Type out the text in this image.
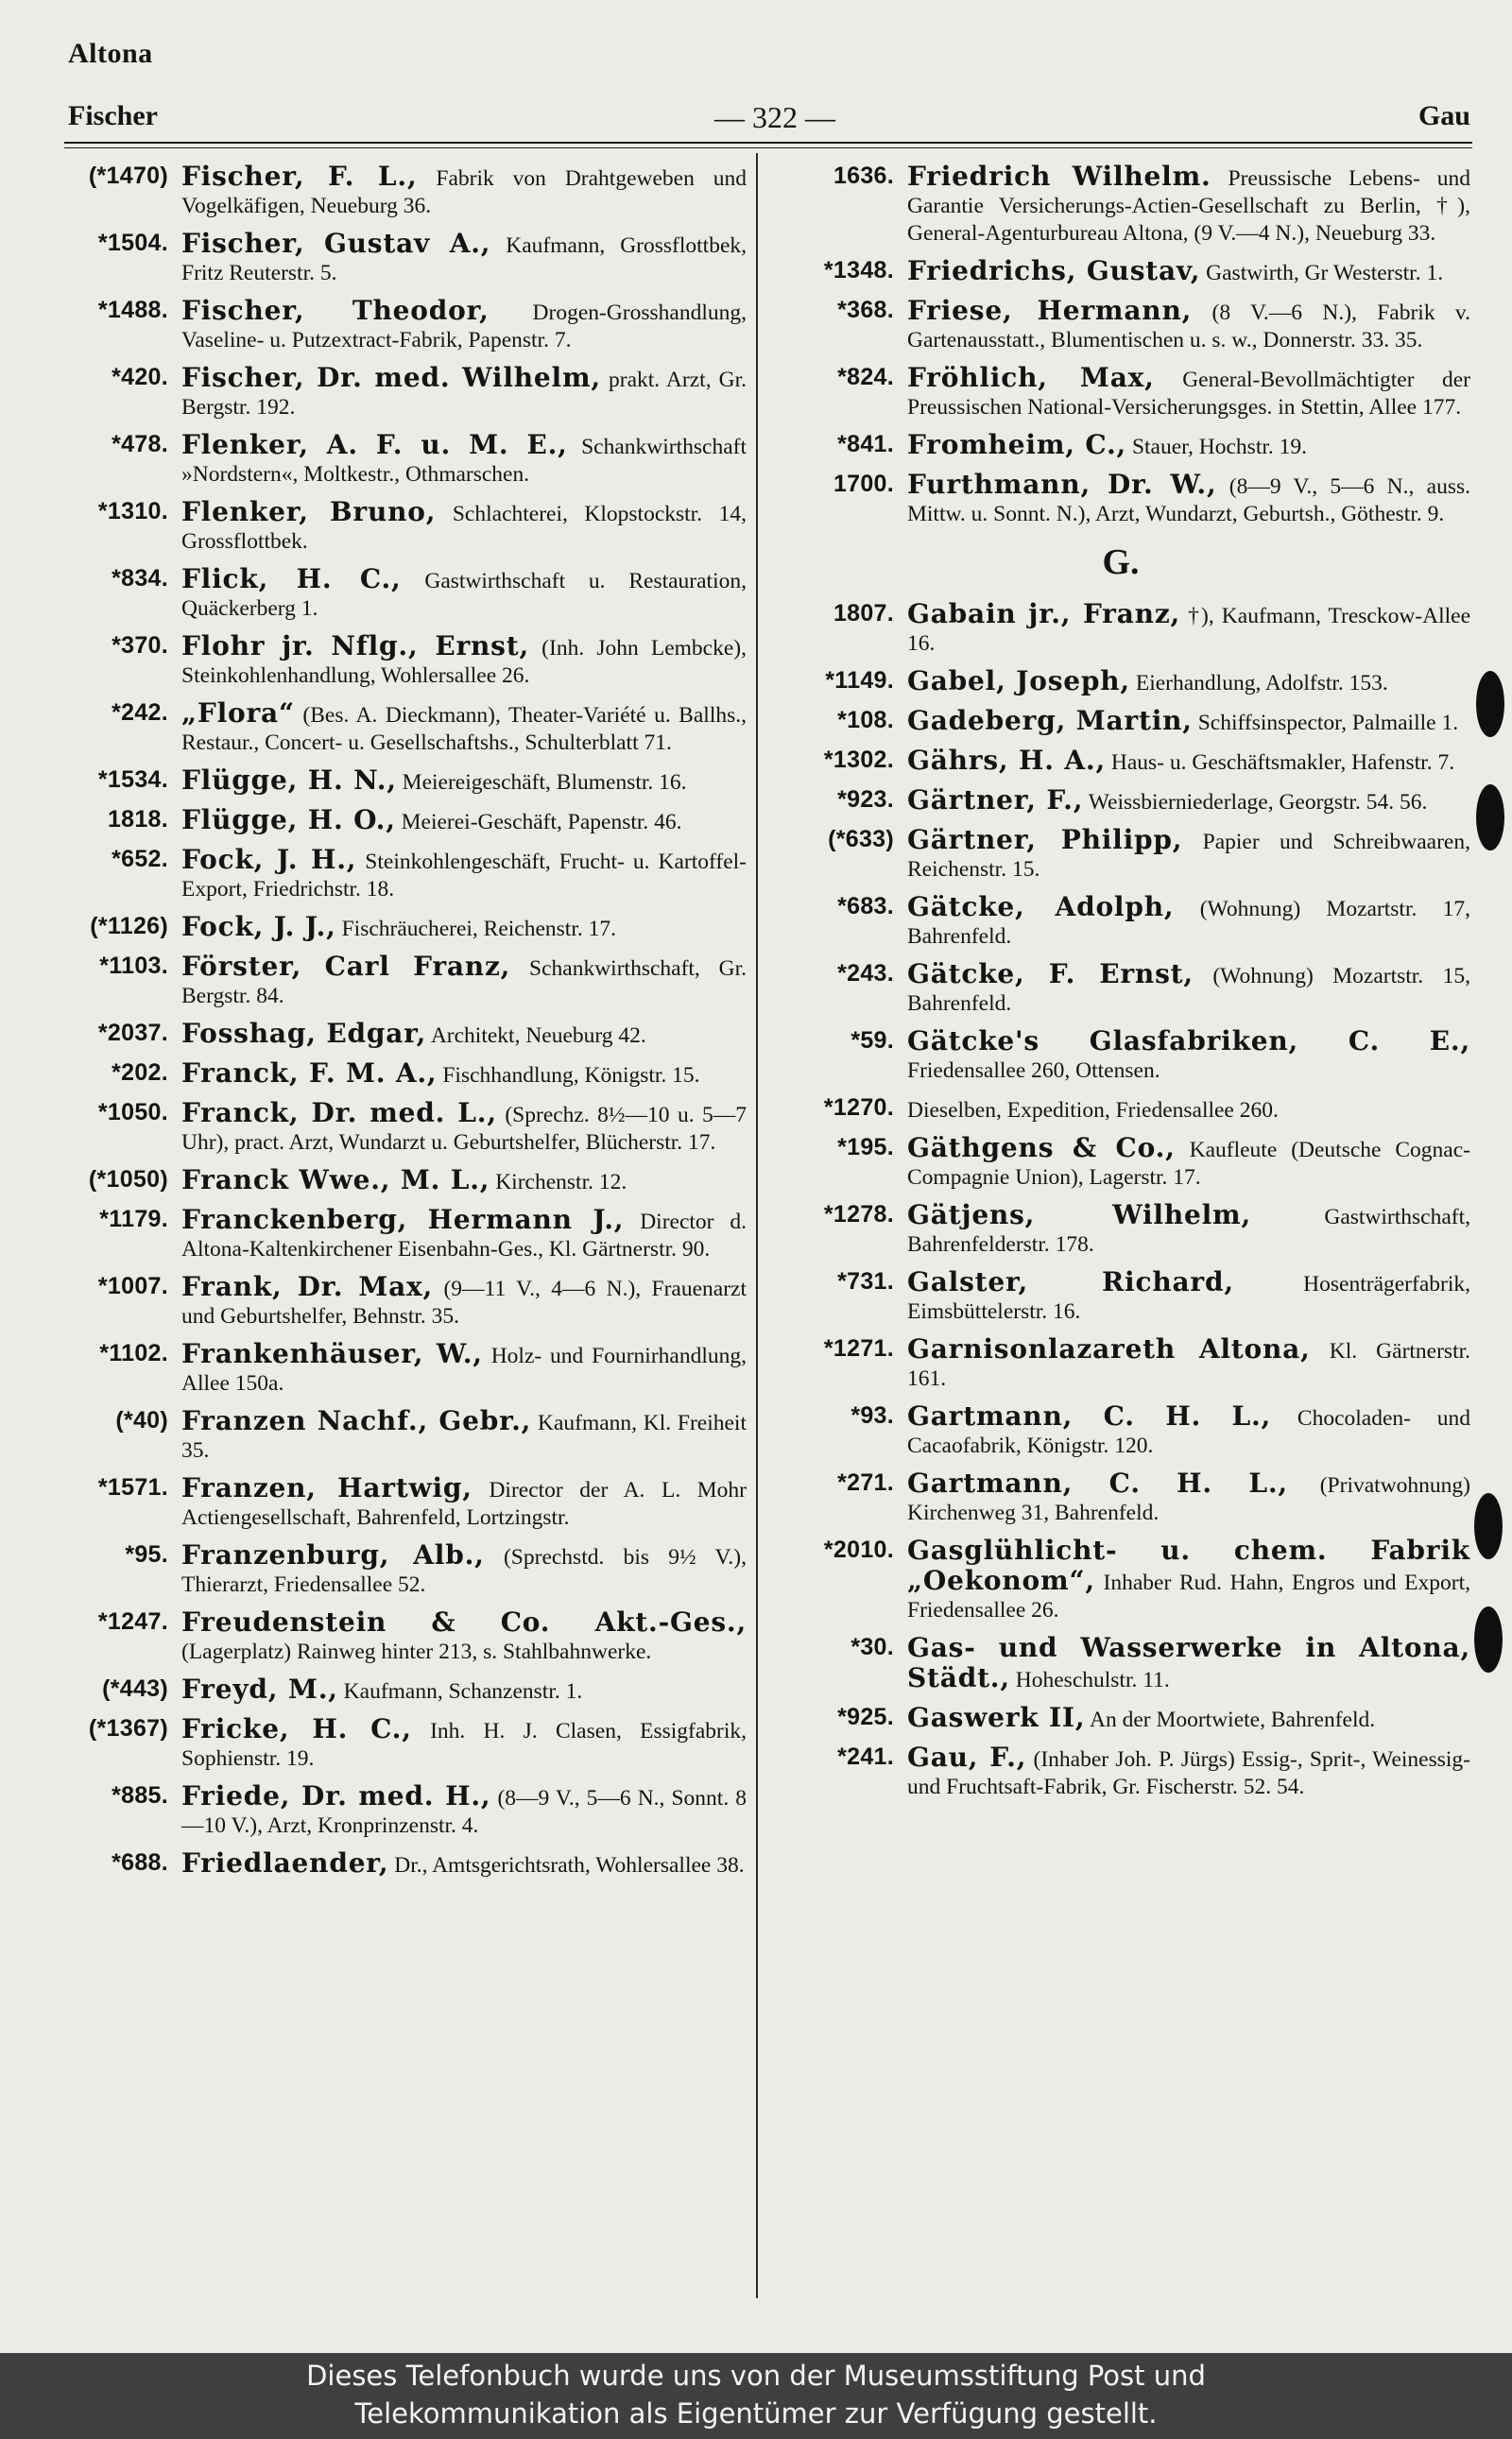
Altona
Fischer	— 322 —	Gau
(*1470) Fischer, F. L., Fabrik von Drahtgeweben und Vogelkäfigen, Neueburg 36.
*1504. Fischer, Gustav A., Kaufmann, Grossflottbek, Fritz Reuterstr. 5.
*1488. Fischer, Theodor, Drogen-Grosshandlung, Vaseline- u. Putzextract-Fabrik, Papenstr. 7.
*420. Fischer, Dr. med. Wilhelm, prakt. Arzt, Gr. Bergstr. 192.
*478. Flenker, A. F. u. M. E., Schankwirthschaft »Nordstern«, Moltkestr., Othmarschen.
*1310. Flenker, Bruno, Schlachterei, Klopstockstr. 14, Grossflottbek.
*834. Flick, H. C., Gastwirthschaft u. Restauration, Quäckerberg 1.
*370. Flohr jr. Nflg., Ernst, (Inh. John Lembcke), Steinkohlenhandlung, Wohlersallee 26.
*242. „Flora“ (Bes. A. Dieckmann), Theater-Variété u. Ballhs., Restaur., Concert- u. Gesellschaftshs., Schulterblatt 71.
*1534. Flügge, H. N., Meiereigeschäft, Blumenstr. 16.
1818. Flügge, H. O., Meierei-Geschäft, Papenstr. 46.
*652. Fock, J. H., Steinkohlengeschäft, Frucht- u. Kartoffel-Export, Friedrichstr. 18.
(*1126) Fock, J. J., Fischräucherei, Reichenstr. 17.
*1103. Förster, Carl Franz, Schankwirthschaft, Gr. Bergstr. 84.
*2037. Fosshag, Edgar, Architekt, Neueburg 42.
*202. Franck, F. M. A., Fischhandlung, Königstr. 15.
*1050. Franck, Dr. med. L., (Sprechz. 8½—10 u. 5—7 Uhr), pract. Arzt, Wundarzt u. Geburtshelfer, Blücherstr. 17.
(*1050) Franck Wwe., M. L., Kirchenstr. 12.
*1179. Franckenberg, Hermann J., Director d. Altona-Kaltenkirchener Eisenbahn-Ges., Kl. Gärtnerstr. 90.
*1007. Frank, Dr. Max, (9—11 V., 4—6 N.), Frauenarzt und Geburtshelfer, Behnstr. 35.
*1102. Frankenhäuser, W., Holz- und Fournirhandlung, Allee 150a.
(*40) Franzen Nachf., Gebr., Kaufmann, Kl. Freiheit 35.
*1571. Franzen, Hartwig, Director der A. L. Mohr Actiengesellschaft, Bahrenfeld, Lortzingstr.
*95. Franzenburg, Alb., (Sprechstd. bis 9½ V.), Thierarzt, Friedensallee 52.
*1247. Freudenstein & Co. Akt.-Ges., (Lagerplatz) Rainweg hinter 213, s. Stahlbahnwerke.
(*443) Freyd, M., Kaufmann, Schanzenstr. 1.
(*1367) Fricke, H. C., Inh. H. J. Clasen, Essigfabrik, Sophienstr. 19.
*885. Friede, Dr. med. H., (8—9 V., 5—6 N., Sonnt. 8—10 V.), Arzt, Kronprinzenstr. 4.
*688. Friedlaender, Dr., Amtsgerichtsrath, Wohlersallee 38.
1636. Friedrich Wilhelm. Preussische Lebens- und Garantie Versicherungs-Actien-Gesellschaft zu Berlin, †), General-Agenturbureau Altona, (9 V.—4 N.), Neueburg 33.
*1348. Friedrichs, Gustav, Gastwirth, Gr Westerstr. 1.
*368. Friese, Hermann, (8 V.—6 N.), Fabrik v. Gartenausstatt., Blumentischen u. s. w., Donnerstr. 33. 35.
*824. Fröhlich, Max, General-Bevollmächtigter der Preussischen National-Versicherungsges. in Stettin, Allee 177.
*841. Fromheim, C., Stauer, Hochstr. 19.
1700. Furthmann, Dr. W., (8—9 V., 5—6 N., auss. Mittw. u. Sonnt. N.), Arzt, Wundarzt, Geburtsh., Göthestr. 9.
G.
1807. Gabain jr., Franz, †), Kaufmann, Tresckow-Allee 16.
*1149. Gabel, Joseph, Eierhandlung, Adolfstr. 153.
*108. Gadeberg, Martin, Schiffsinspector, Palmaille 1.
*1302. Gährs, H. A., Haus- u. Geschäftsmakler, Hafenstr. 7.
*923. Gärtner, F., Weissbierniederlage, Georgstr. 54. 56.
(*633) Gärtner, Philipp, Papier und Schreibwaaren, Reichenstr. 15.
*683. Gätcke, Adolph, (Wohnung) Mozartstr. 17, Bahrenfeld.
*243. Gätcke, F. Ernst, (Wohnung) Mozartstr. 15, Bahrenfeld.
*59. Gätcke's Glasfabriken, C. E., Friedensallee 260, Ottensen.
*1270. Dieselben, Expedition, Friedensallee 260.
*195. Gäthgens & Co., Kaufleute (Deutsche Cognac-Compagnie Union), Lagerstr. 17.
*1278. Gätjens, Wilhelm,	Gastwirthschaft, Bahrenfelderstr. 178.
*731. Galster, Richard,	Hosenträgerfabrik, Eimsbüttelerstr. 16.
*1271. Garnisonlazareth Altona, Kl. Gärtnerstr. 161.
*93. Gartmann, C. H. L., Chocoladen- und Cacaofabrik, Königstr. 120.
*271. Gartmann, C. H. L., (Privatwohnung) Kirchenweg 31, Bahrenfeld.
*2010. Gasglühlicht- u. chem. Fabrik „Oekonom“, Inhaber Rud. Hahn, Engros und Export, Friedensallee 26.
*30. Gas- und Wasserwerke in Altona, Städt., Hoheschulstr. 11.
*925. Gaswerk II, An der Moortwiete, Bahrenfeld.
*241. Gau, F., (Inhaber Joh. P. Jürgs) Essig-, Sprit-, Weinessig- und Fruchtsaft-Fabrik, Gr. Fischerstr. 52. 54.
Dieses Telefonbuch wurde uns von der Museumsstiftung Post und
Telekommunikation als Eigentümer zur Verfügung gestellt.
